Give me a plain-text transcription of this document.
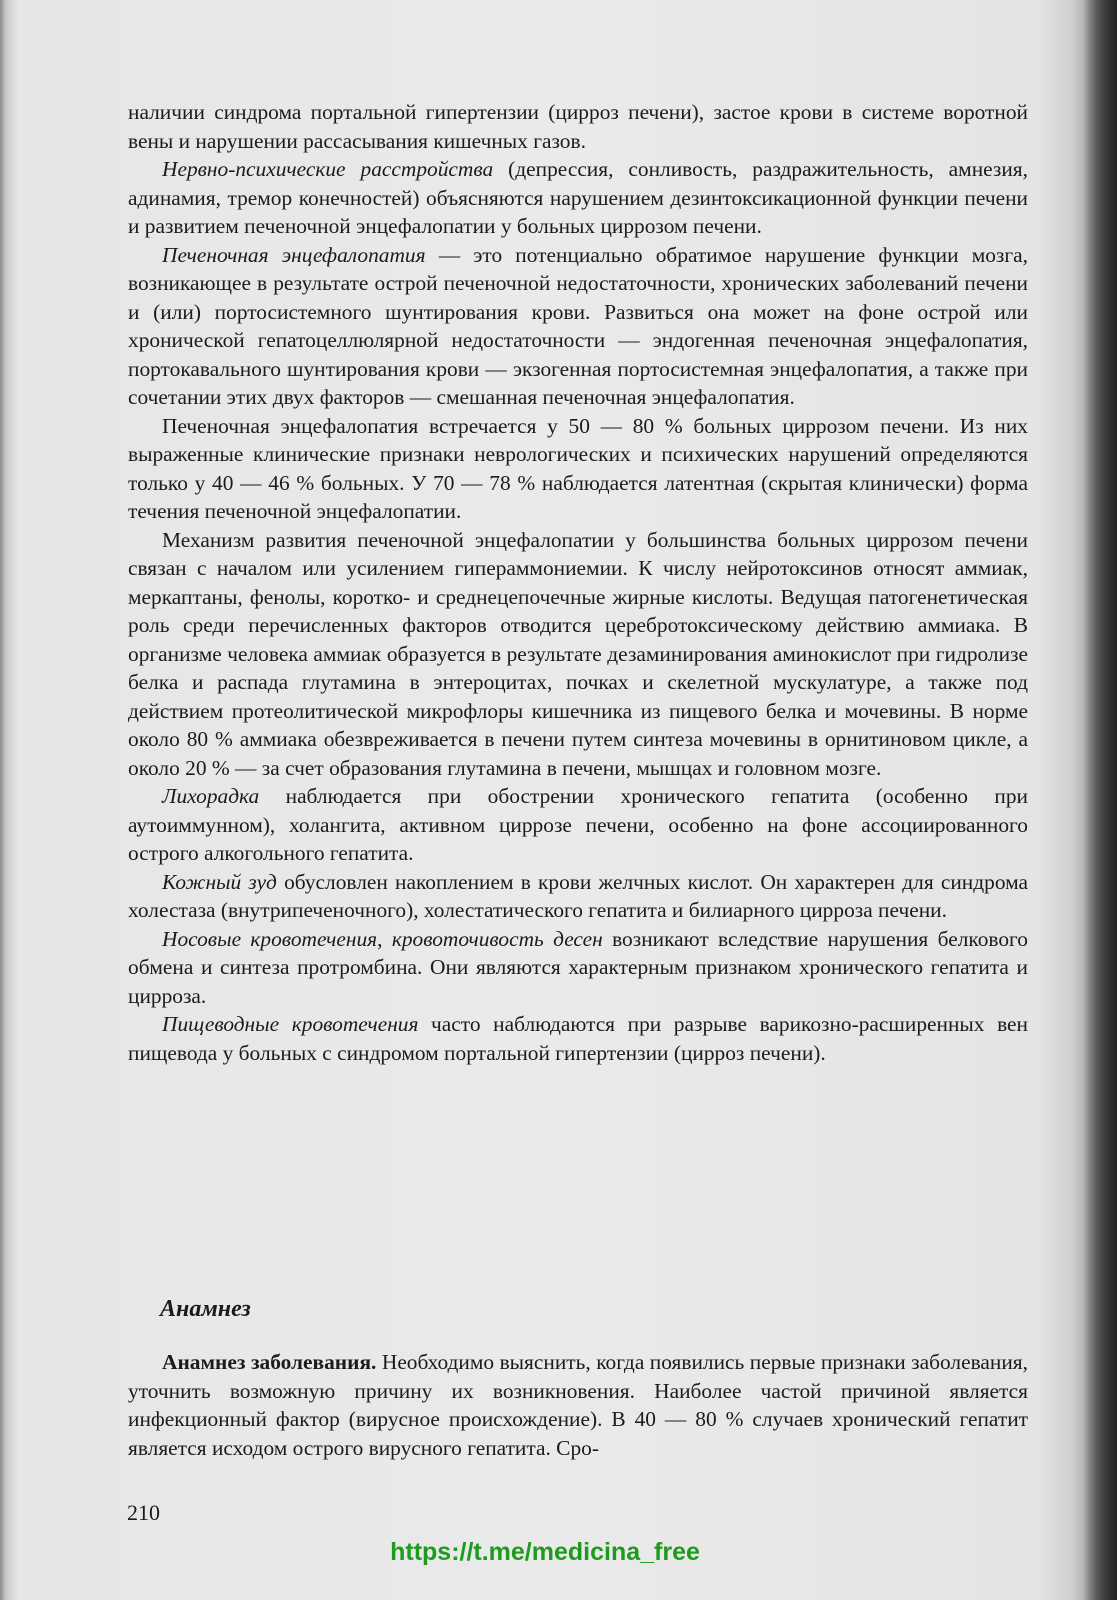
наличии синдрома портальной гипертензии (цирроз печени), застое крови в системе воротной вены и нарушении рассасывания кишечных газов.

Нервно-психические расстройства (депрессия, сонливость, раздражительность, амнезия, адинамия, тремор конечностей) объясняются нарушением дезинтоксикационной функции печени и развитием печеночной энцефалопатии у больных циррозом печени.

Печеночная энцефалопатия — это потенциально обратимое нарушение функции мозга, возникающее в результате острой печеночной недостаточности, хронических заболеваний печени и (или) портосистемного шунтирования крови. Развиться она может на фоне острой или хронической гепатоцеллюлярной недостаточности — эндогенная печеночная энцефалопатия, портокавального шунтирования крови — экзогенная портосистемная энцефалопатия, а также при сочетании этих двух факторов — смешанная печеночная энцефалопатия.

Печеночная энцефалопатия встречается у 50 — 80 % больных циррозом печени. Из них выраженные клинические признаки неврологических и психических нарушений определяются только у 40 — 46 % больных. У 70 — 78 % наблюдается латентная (скрытая клинически) форма течения печеночной энцефалопатии.

Механизм развития печеночной энцефалопатии у большинства больных циррозом печени связан с началом или усилением гипераммониемии. К числу нейротоксинов относят аммиак, меркаптаны, фенолы, коротко- и среднецепочечные жирные кислоты. Ведущая патогенетическая роль среди перечисленных факторов отводится церебротоксическому действию аммиака. В организме человека аммиак образуется в результате дезаминирования аминокислот при гидролизе белка и распада глутамина в энтероцитах, почках и скелетной мускулатуре, а также под действием протеолитической микрофлоры кишечника из пищевого белка и мочевины. В норме около 80 % аммиака обезвреживается в печени путем синтеза мочевины в орнитиновом цикле, а около 20 % — за счет образования глутамина в печени, мышцах и головном мозге.

Лихорадка наблюдается при обострении хронического гепатита (особенно при аутоиммунном), холангита, активном циррозе печени, особенно на фоне ассоциированного острого алкогольного гепатита.

Кожный зуд обусловлен накоплением в крови желчных кислот. Он характерен для синдрома холестаза (внутрипеченочного), холестатического гепатита и билиарного цирроза печени.

Носовые кровотечения, кровоточивость десен возникают вследствие нарушения белкового обмена и синтеза протромбина. Они являются характерным признаком хронического гепатита и цирроза.

Пищеводные кровотечения часто наблюдаются при разрыве варикозно-расширенных вен пищевода у больных с синдромом портальной гипертензии (цирроз печени).

Анамнез

Анамнез заболевания. Необходимо выяснить, когда появились первые признаки заболевания, уточнить возможную причину их возникновения. Наиболее частой причиной является инфекционный фактор (вирусное происхождение). В 40 — 80 % случаев хронический гепатит является исходом острого вирусного гепатита. Сро-

210
https://t.me/medicina_free
